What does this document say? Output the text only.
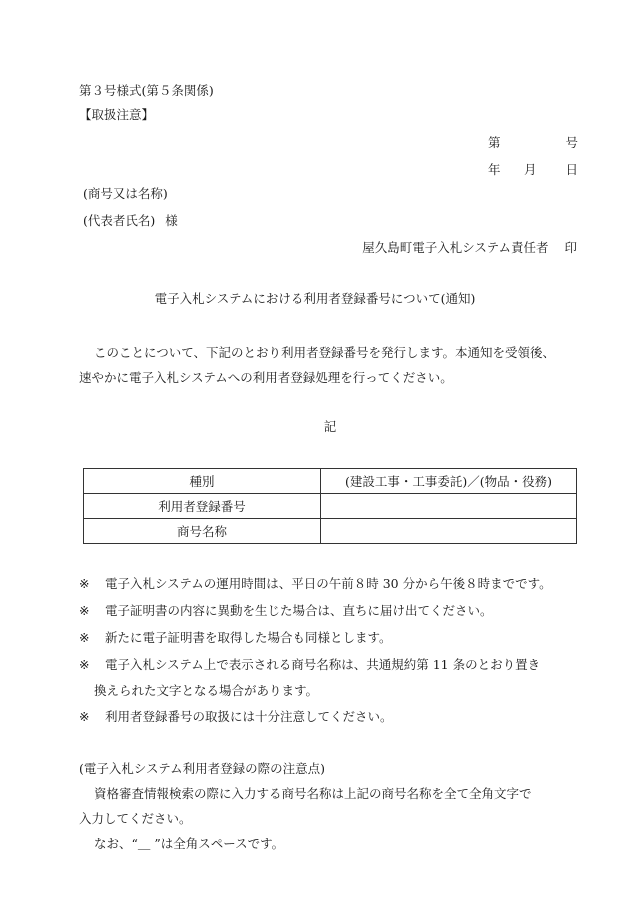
第３号様式(第５条関係)
【取扱注意】
第	号
年 月 日
(商号又は名称)
(代表者氏名) 様
屋久島町電子入札システム責任者 印
電子入札システムにおける利用者登録番号について(通知)
このことについて、下記のとおり利用者登録番号を発行します。本通知を受領後、
速やかに電子入札システムへの利用者登録処理を行ってください。
記
種別	(建設工事・工事委託)／(物品・役務)
利用者登録番号	
商号名称	
※ 電子入札システムの運用時間は、平日の午前８時 30 分から午後８時までです。
※ 電子証明書の内容に異動を生じた場合は、直ちに届け出てください。
※ 新たに電子証明書を取得した場合も同様とします。
※ 電子入札システム上で表示される商号名称は、共通規約第 11 条のとおり置き
換えられた文字となる場合があります。
※ 利用者登録番号の取扱には十分注意してください。
(電子入札システム利用者登録の際の注意点)
資格審査情報検索の際に入力する商号名称は上記の商号名称を全て全角文字で
入力してください。
なお、“＿ ”は全角スペースです。
